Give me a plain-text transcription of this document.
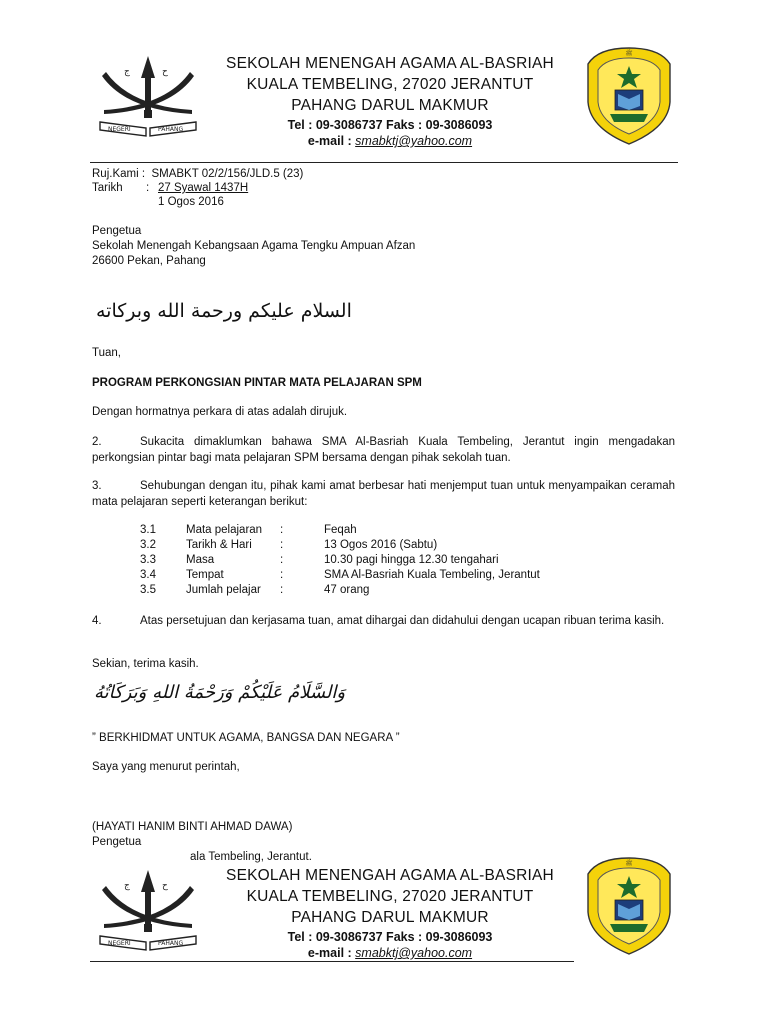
ج	ح
NEGERI	PAHANG
SEKOLAH MENENGAH AGAMA AL-BASRIAH
KUALA TEMBELING, 27020 JERANTUT
PAHANG DARUL MAKMUR
Tel : 09-3086737 Faks : 09-3086093
e-mail : smabktj@yahoo.com
ﷺ
Ruj.Kami : SMABKT 02/2/156/JLD.5 (23)
Tarikh : 27 Syawal 1437H
1 Ogos 2016
Pengetua
Sekolah Menengah Kebangsaan Agama Tengku Ampuan Afzan
26600 Pekan, Pahang
السلام عليكم ورحمة الله وبركاته
Tuan,
PROGRAM PERKONGSIAN PINTAR MATA PELAJARAN SPM
Dengan hormatnya perkara di atas adalah dirujuk.
2.	Sukacita dimaklumkan bahawa SMA Al-Basriah Kuala Tembeling, Jerantut ingin mengadakan perkongsian pintar bagi mata pelajaran SPM bersama dengan pihak sekolah tuan.
3.	Sehubungan dengan itu, pihak kami amat berbesar hati menjemput tuan untuk menyampaikan ceramah mata pelajaran seperti keterangan berikut:
3.1	Mata pelajaran :	Feqah
3.2	Tarikh & Hari :	13 Ogos 2016 (Sabtu)
3.3	Masa	:	10.30 pagi hingga 12.30 tengahari
3.4	Tempat	:	SMA Al-Basriah Kuala Tembeling, Jerantut
3.5	Jumlah pelajar :	47 orang
4.	Atas persetujuan dan kerjasama tuan, amat dihargai dan didahului dengan ucapan ribuan terima kasih.
Sekian, terima kasih.
وَالسَّلَامُ عَلَيْكُمْ وَرَحْمَةُ اللهِ وَبَرَكَاتُهُ
” BERKHIDMAT UNTUK AGAMA, BANGSA DAN NEGARA ”
Saya yang menurut perintah,
(HAYATI HANIM BINTI AHMAD DAWA)
Pengetua
ala Tembeling, Jerantut.
ج	ح
NEGERI	PAHANG
SEKOLAH MENENGAH AGAMA AL-BASRIAH
KUALA TEMBELING, 27020 JERANTUT
PAHANG DARUL MAKMUR
Tel : 09-3086737 Faks : 09-3086093
e-mail : smabktj@yahoo.com
ﷺ
